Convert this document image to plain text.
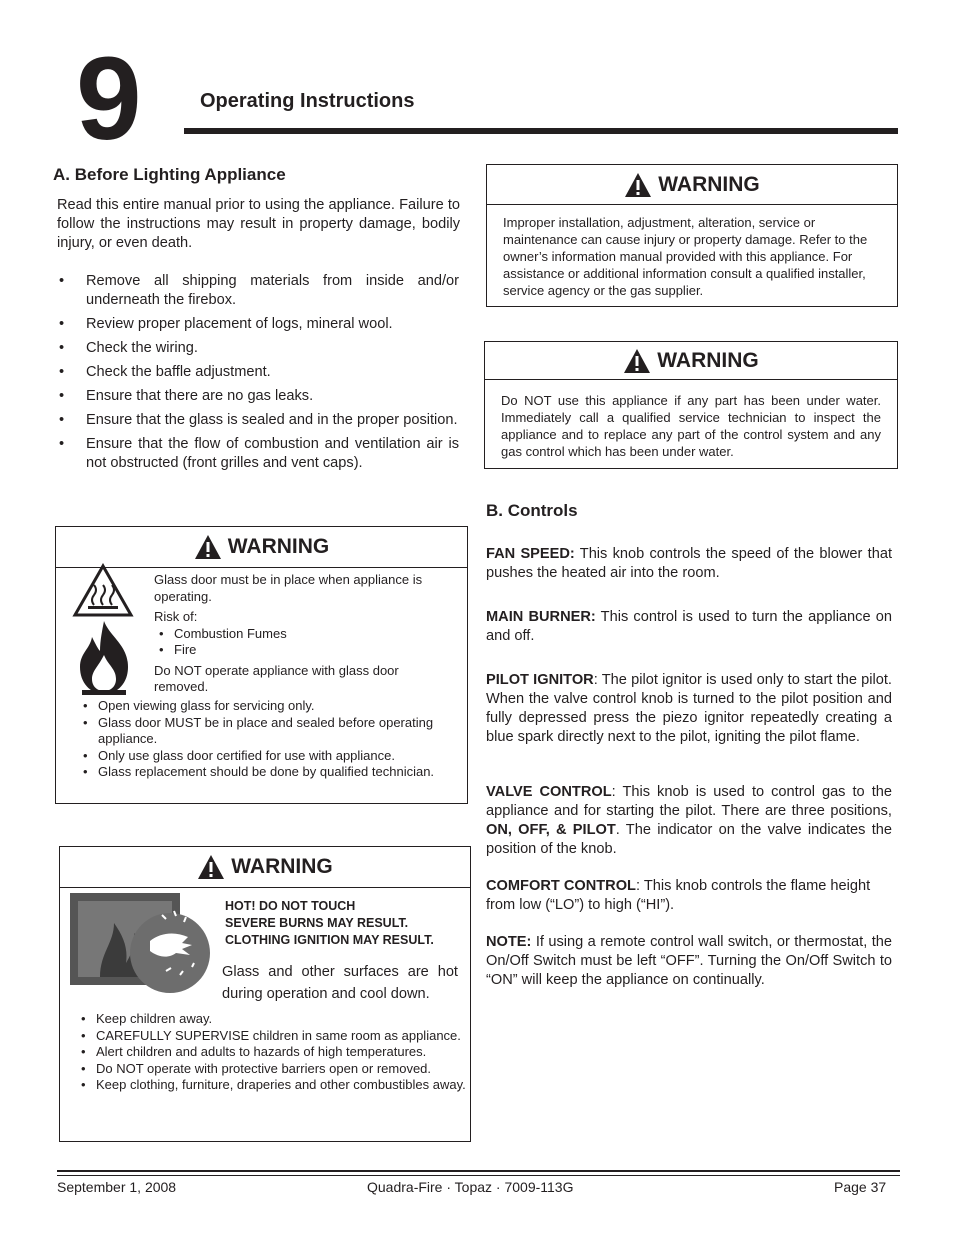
9	Operating Instructions
A. Before Lighting Appliance
Read this entire manual prior to using the appliance. Failure to follow the instructions may result in property damage, bodily injury, or even death.
• Remove all shipping materials from inside and/or underneath the firebox.
• Review proper placement of logs, mineral wool.
• Check the wiring.
• Check the baffle adjustment.
• Ensure that there are no gas leaks.
• Ensure that the glass is sealed and in the proper position.
• Ensure that the flow of combustion and ventilation air is not obstructed (front grilles and vent caps).
WARNING
Glass door must be in place when appliance is operating.
Risk of:
• Combustion Fumes
• Fire
Do NOT operate appliance with glass door removed.
• Open viewing glass for servicing only.
• Glass door MUST be in place and sealed before operating appliance.
• Only use glass door certified for use with appliance.
• Glass replacement should be done by qualified technician.
WARNING
HOT! DO NOT TOUCH
SEVERE BURNS MAY RESULT.
CLOTHING IGNITION MAY RESULT.
Glass and other surfaces are hot during operation and cool down.
• Keep children away.
• CAREFULLY SUPERVISE children in same room as appliance.
• Alert children and adults to hazards of high temperatures.
• Do NOT operate with protective barriers open or removed.
• Keep clothing, furniture, draperies and other combustibles away.
WARNING
Improper installation, adjustment, alteration, service or maintenance can cause injury or property damage. Refer to the owner’s information manual provided with this appliance. For assistance or additional information consult a qualified installer, service agency or the gas supplier.
WARNING
Do NOT use this appliance if any part has been under water. Immediately call a qualified service technician to inspect the appliance and to replace any part of the control system and any gas control which has been under water.
B. Controls

FAN SPEED: This knob controls the speed of the blower that pushes the heated air into the room.

MAIN BURNER: This control is used to turn the appliance on and off.

PILOT IGNITOR: The pilot ignitor is used only to start the pilot. When the valve control knob is turned to the pilot position and fully depressed press the piezo ignitor repeatedly creating a blue spark directly next to the pilot, igniting the pilot flame.

VALVE CONTROL: This knob is used to control gas to the appliance and for starting the pilot. There are three positions, ON, OFF, & PILOT. The indicator on the valve indicates the position of the knob.

COMFORT CONTROL: This knob controls the flame height from low (“LO”) to high (“HI”).

NOTE: If using a remote control wall switch, or thermostat, the On/Off Switch must be left “OFF”. Turning the On/Off Switch to “ON” will keep the appliance on continually.

September 1, 2008	Quadra-Fire · Topaz · 7009-113G	Page 37
